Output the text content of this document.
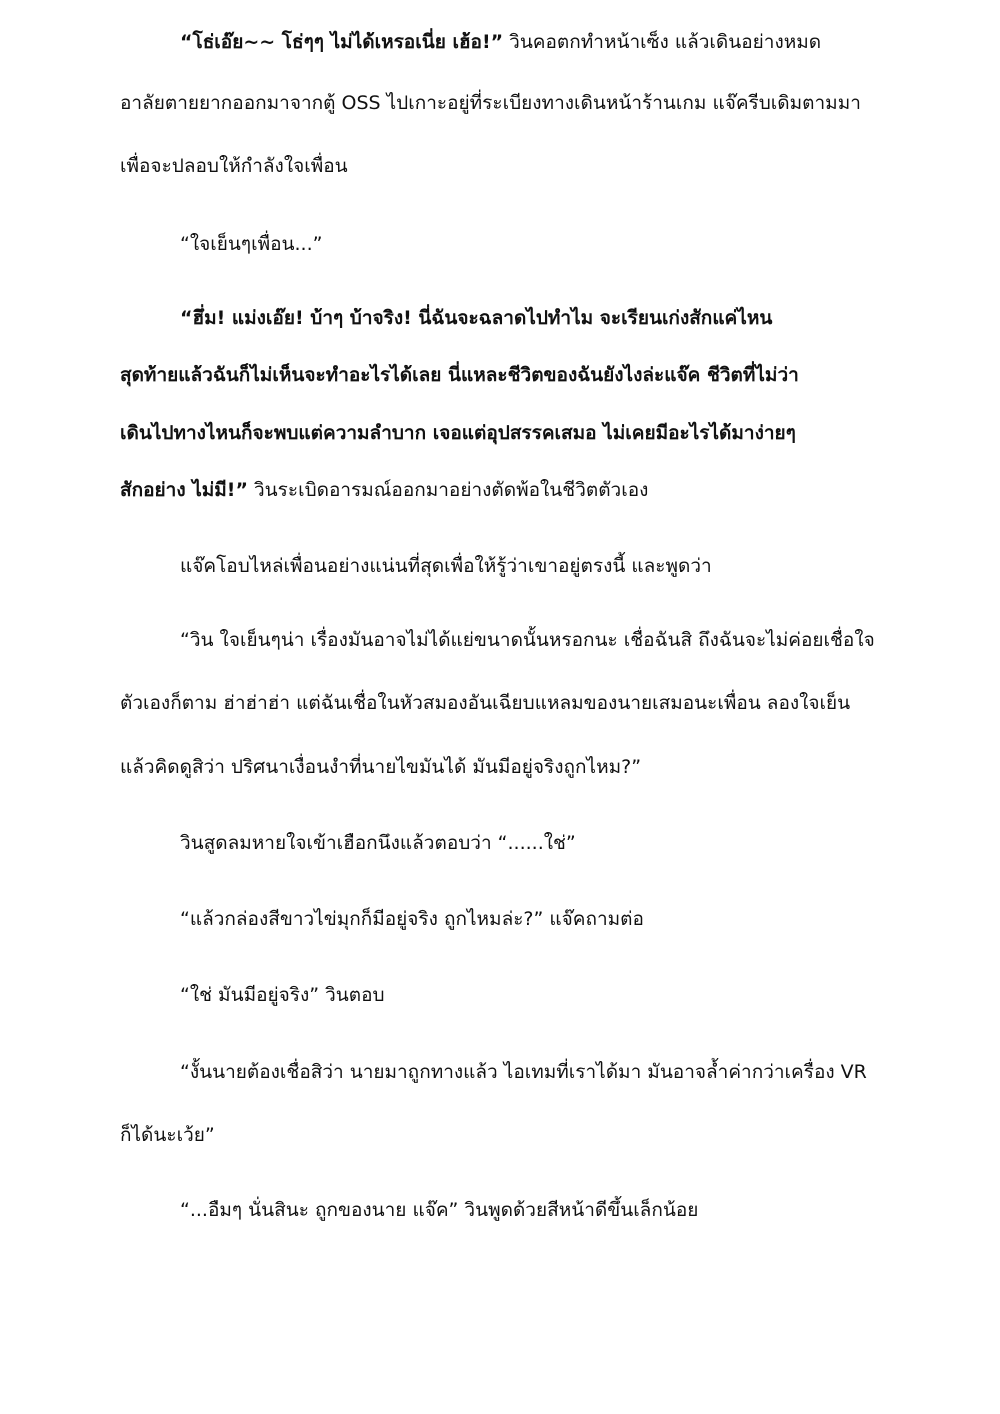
“โธ่เอ๊ย~~ โธ่ๆๆ ไม่ได้เหรอเนี่ย เฮ้อ!” วินคอตกทำหน้าเซ็ง แล้วเดินอย่างหมด
อาลัยตายยากออกมาจากตู้ OSS ไปเกาะอยู่ที่ระเบียงทางเดินหน้าร้านเกม แจ๊ครีบเดิมตามมา
เพื่อจะปลอบให้กำลังใจเพื่อน
“ใจเย็นๆเพื่อน...”
“ฮึ่ม! แม่งเอ๊ย! บ้าๆ บ้าจริง! นี่ฉันจะฉลาดไปทำไม จะเรียนเก่งสักแค่ไหน
สุดท้ายแล้วฉันก็ไม่เห็นจะทำอะไรได้เลย นี่แหละชีวิตของฉันยังไงล่ะแจ๊ค ชีวิตที่ไม่ว่า
เดินไปทางไหนก็จะพบแต่ความลำบาก เจอแต่อุปสรรคเสมอ ไม่เคยมีอะไรได้มาง่ายๆ
สักอย่าง ไม่มี!” วินระเบิดอารมณ์ออกมาอย่างตัดพ้อในชีวิตตัวเอง
แจ๊คโอบไหล่เพื่อนอย่างแน่นที่สุดเพื่อให้รู้ว่าเขาอยู่ตรงนี้ และพูดว่า
“วิน ใจเย็นๆน่า เรื่องมันอาจไม่ได้แย่ขนาดนั้นหรอกนะ เชื่อฉันสิ ถึงฉันจะไม่ค่อยเชื่อใจ
ตัวเองก็ตาม ฮ่าฮ่าฮ่า แต่ฉันเชื่อในหัวสมองอันเฉียบแหลมของนายเสมอนะเพื่อน ลองใจเย็น
แล้วคิดดูสิว่า ปริศนาเงื่อนงำที่นายไขมันได้ มันมีอยู่จริงถูกไหม?”
วินสูดลมหายใจเข้าเฮือกนึงแล้วตอบว่า “......ใช่”
“แล้วกล่องสีขาวไข่มุกก็มีอยู่จริง ถูกไหมล่ะ?” แจ๊คถามต่อ
“ใช่ มันมีอยู่จริง” วินตอบ
“งั้นนายต้องเชื่อสิว่า นายมาถูกทางแล้ว ไอเทมที่เราได้มา มันอาจล้ำค่ากว่าเครื่อง VR
ก็ได้นะเว้ย”
“...อืมๆ นั่นสินะ ถูกของนาย แจ๊ค” วินพูดด้วยสีหน้าดีขึ้นเล็กน้อย
